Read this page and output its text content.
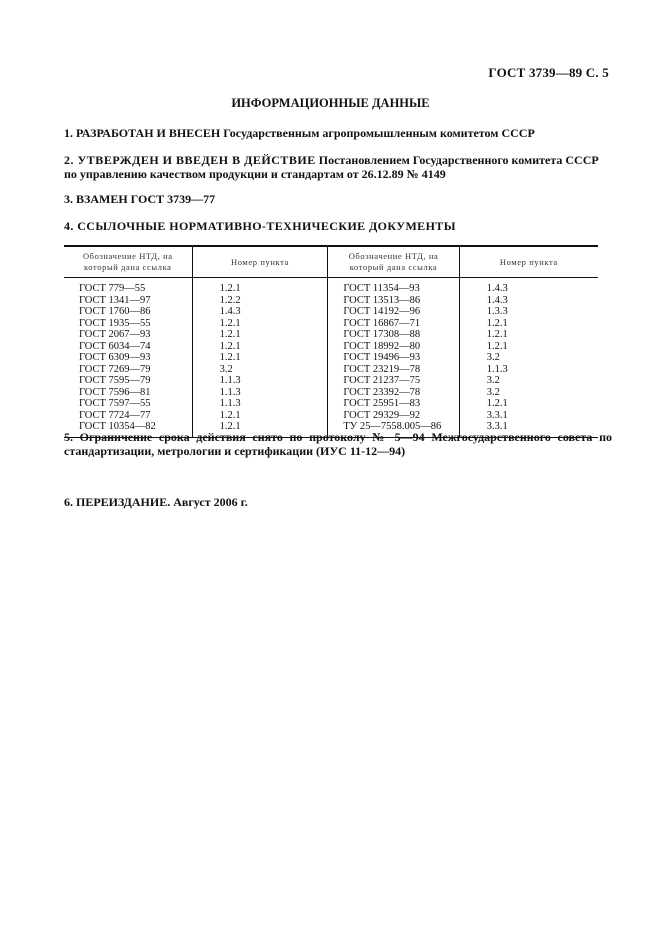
ГОСТ 3739—89 С. 5
ИНФОРМАЦИОННЫЕ ДАННЫЕ
1. РАЗРАБОТАН И ВНЕСЕН Государственным агропромышленным комитетом СССР
2. УТВЕРЖДЕН И ВВЕДЕН В ДЕЙСТВИЕ Постановлением Государственного комитета СССР по управлению качеством продукции и стандартам от 26.12.89 № 4149
3. ВЗАМЕН ГОСТ 3739—77
4. ССЫЛОЧНЫЕ НОРМАТИВНО-ТЕХНИЧЕСКИЕ ДОКУМЕНТЫ
Обозначение НТД, на который дана ссылка	Номер пункта	Обозначение НТД, на который дана ссылка	Номер пункта
ГОСТ 779—55	1.2.1	ГОСТ 11354—93	1.4.3
ГОСТ 1341—97	1.2.2	ГОСТ 13513—86	1.4.3
ГОСТ 1760—86	1.4.3	ГОСТ 14192—96	1.3.3
ГОСТ 1935—55	1.2.1	ГОСТ 16867—71	1.2.1
ГОСТ 2067—93	1.2.1	ГОСТ 17308—88	1.2.1
ГОСТ 6034—74	1.2.1	ГОСТ 18992—80	1.2.1
ГОСТ 6309—93	1.2.1	ГОСТ 19496—93	3.2
ГОСТ 7269—79	3.2	ГОСТ 23219—78	1.1.3
ГОСТ 7595—79	1.1.3	ГОСТ 21237—75	3.2
ГОСТ 7596—81	1.1.3	ГОСТ 23392—78	3.2
ГОСТ 7597—55	1.1.3	ГОСТ 25951—83	1.2.1
ГОСТ 7724—77	1.2.1	ГОСТ 29329—92	3.3.1
ГОСТ 10354—82	1.2.1	ТУ 25—7558.005—86	3.3.1
5. Ограничение срока действия снято по протоколу № 5—94 Межгосударственного совета по стандартизации, метрологии и сертификации (ИУС 11-12—94)
6. ПЕРЕИЗДАНИЕ. Август 2006 г.
